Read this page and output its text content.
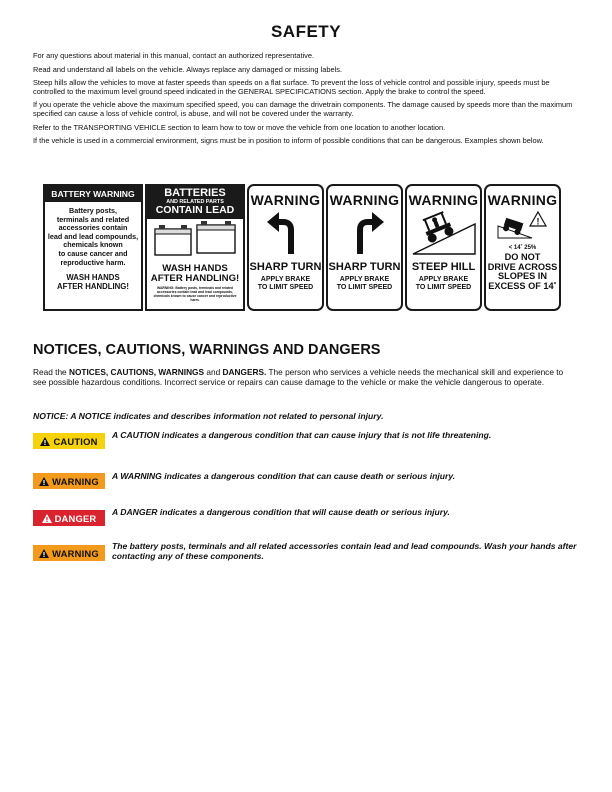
SAFETY

For any questions about material in this manual, contact an authorized representative.

Read and understand all labels on the vehicle. Always replace any damaged or missing labels.

Steep hills allow the vehicles to move at faster speeds than speeds on a flat surface. To prevent the loss of vehicle control and possible injury, speeds must be controlled to the maximum level ground speed indicated in the GENERAL SPECIFICATIONS section. Apply the brake to control the speed.

If you operate the vehicle above the maximum specified speed, you can damage the drivetrain components. The damage caused by speeds more than the maximum specified can cause a loss of vehicle control, is abuse, and will not be covered under the warranty.

Refer to the TRANSPORTING VEHICLE section to learn how to tow or move the vehicle from one location to another location.

If the vehicle is used in a commercial environment, signs must be in position to inform of possible conditions that can be dangerous. Examples shown below.

BATTERY WARNING
Battery posts,
terminals and related
accessories contain
lead and lead compounds,
chemicals known
to cause cancer and
reproductive harm.
WASH HANDS
AFTER HANDLING!
BATTERIES
AND RELATED PARTS
CONTAIN LEAD
WASH HANDS
AFTER HANDLING!
WARNING: Battery posts, terminals and related accessories contain lead and lead compounds, chemicals known to cause cancer and reproductive harm.
WARNING
SHARP TURN
APPLY BRAKE
TO LIMIT SPEED
WARNING
SHARP TURN
APPLY BRAKE
TO LIMIT SPEED
WARNING
STEEP HILL
APPLY BRAKE
TO LIMIT SPEED
WARNING
!
< 14˚ 25%
DO NOT
DRIVE ACROSS
SLOPES IN
EXCESS OF 14˚
NOTICES, CAUTIONS, WARNINGS AND DANGERS

Read the NOTICES, CAUTIONS, WARNINGS and DANGERS. The person who services a vehicle needs the mechanical skill and experience to see possible hazardous conditions. Incorrect service or repairs can cause damage to the vehicle or make the vehicle dangerous to operate.

NOTICE: A NOTICE indicates and describes information not related to personal injury.

CAUTION

A CAUTION indicates a dangerous condition that can cause injury that is not life threatening.

WARNING A WARNING indicates a dangerous condition that can cause death or serious injury.

DANGER

A DANGER indicates a dangerous condition that will cause death or serious injury.

WARNING

The battery posts, terminals and all related accessories contain lead and lead compounds. Wash your hands after contacting any of these components.
